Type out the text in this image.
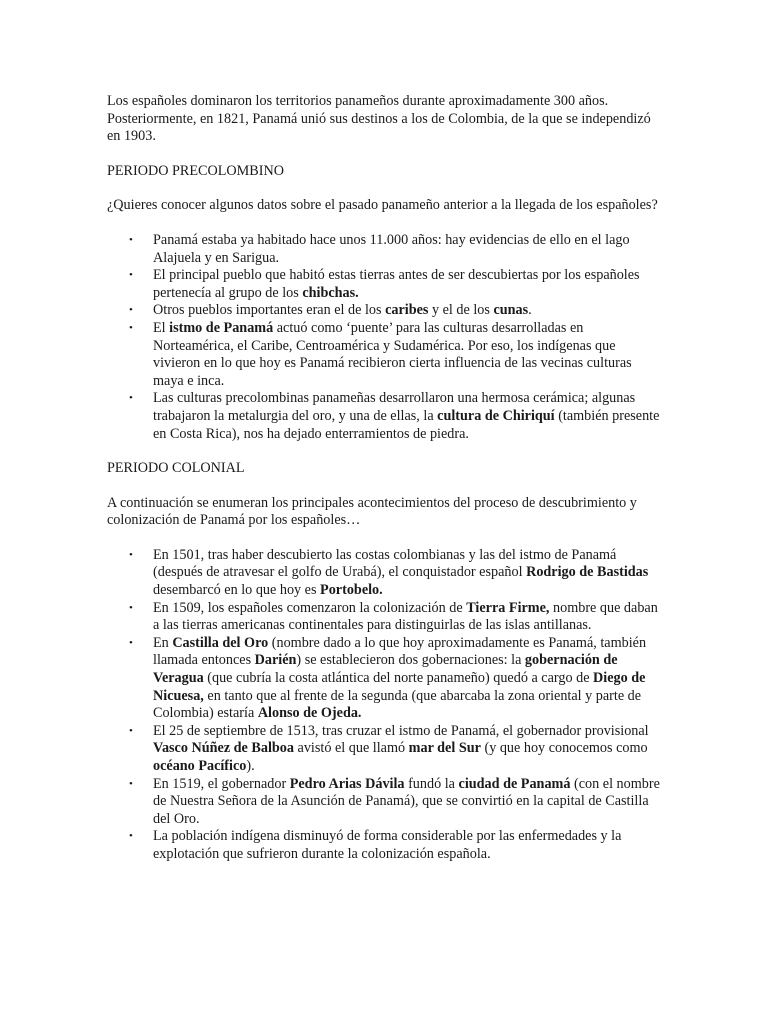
Los españoles dominaron los territorios panameños durante aproximadamente 300 años. Posteriormente, en 1821, Panamá unió sus destinos a los de Colombia, de la que se independizó en 1903.

PERIODO PRECOLOMBINO

¿Quieres conocer algunos datos sobre el pasado panameño anterior a la llegada de los españoles?

• Panamá estaba ya habitado hace unos 11.000 años: hay evidencias de ello en el lago Alajuela y en Sarigua.
• El principal pueblo que habitó estas tierras antes de ser descubiertas por los españoles pertenecía al grupo de los chibchas.
• Otros pueblos importantes eran el de los caribes y el de los cunas.
• El istmo de Panamá actuó como ‘puente’ para las culturas desarrolladas en Norteamérica, el Caribe, Centroamérica y Sudamérica. Por eso, los indígenas que vivieron en lo que hoy es Panamá recibieron cierta influencia de las vecinas culturas maya e inca.
• Las culturas precolombinas panameñas desarrollaron una hermosa cerámica; algunas trabajaron la metalurgia del oro, y una de ellas, la cultura de Chiriquí (también presente en Costa Rica), nos ha dejado enterramientos de piedra.

PERIODO COLONIAL

A continuación se enumeran los principales acontecimientos del proceso de descubrimiento y colonización de Panamá por los españoles…

• En 1501, tras haber descubierto las costas colombianas y las del istmo de Panamá (después de atravesar el golfo de Urabá), el conquistador español Rodrigo de Bastidas desembarcó en lo que hoy es Portobelo.
• En 1509, los españoles comenzaron la colonización de Tierra Firme, nombre que daban a las tierras americanas continentales para distinguirlas de las islas antillanas.
• En Castilla del Oro (nombre dado a lo que hoy aproximadamente es Panamá, también llamada entonces Darién) se establecieron dos gobernaciones: la gobernación de Veragua (que cubría la costa atlántica del norte panameño) quedó a cargo de Diego de Nicuesa, en tanto que al frente de la segunda (que abarcaba la zona oriental y parte de Colombia) estaría Alonso de Ojeda.
• El 25 de septiembre de 1513, tras cruzar el istmo de Panamá, el gobernador provisional Vasco Núñez de Balboa avistó el que llamó mar del Sur (y que hoy conocemos como océano Pacífico).
• En 1519, el gobernador Pedro Arias Dávila fundó la ciudad de Panamá (con el nombre de Nuestra Señora de la Asunción de Panamá), que se convirtió en la capital de Castilla del Oro.
• La población indígena disminuyó de forma considerable por las enfermedades y la explotación que sufrieron durante la colonización española.
